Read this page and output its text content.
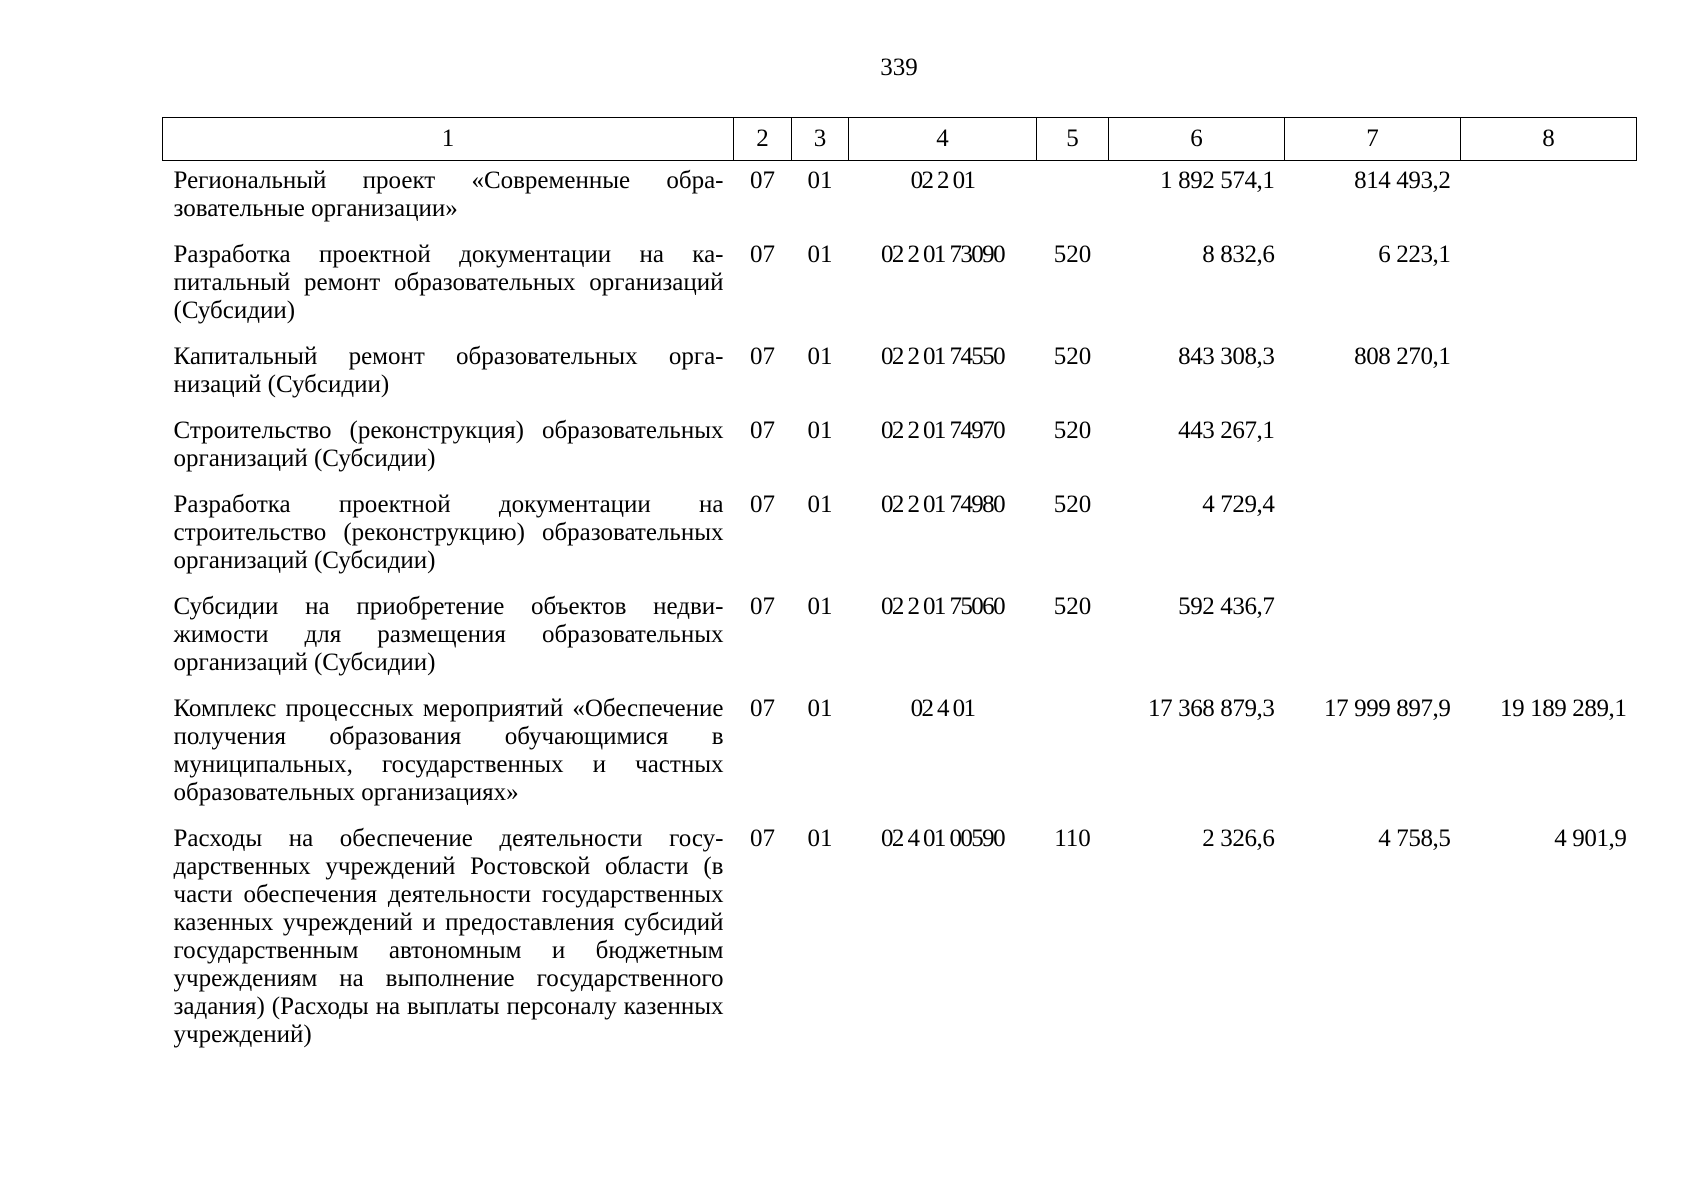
339
1	2	3	4	5	6	7	8
Региональный проект «Современные образовательные организации»	07	01	02 2 01		1 892 574,1	814 493,2	
Разработка проектной документации на капитальный ремонт образовательных организаций (Субсидии)	07	01	02 2 01 73090	520	8 832,6	6 223,1	
Капитальный ремонт образовательных организаций (Субсидии)	07	01	02 2 01 74550	520	843 308,3	808 270,1	
Строительство (реконструкция) образовательных организаций (Субсидии)	07	01	02 2 01 74970	520	443 267,1		
Разработка проектной документации на строительство (реконструкцию) образовательных организаций (Субсидии)	07	01	02 2 01 74980	520	4 729,4		
Субсидии на приобретение объектов недвижимости для размещения образовательных организаций (Субсидии)	07	01	02 2 01 75060	520	592 436,7		
Комплекс процессных мероприятий «Обеспечение получения образования обучающимися в муниципальных, государственных и частных образовательных организациях»	07	01	02 4 01		17 368 879,3	17 999 897,9	19 189 289,1
Расходы на обеспечение деятельности государственных учреждений Ростовской области (в части обеспечения деятельности государственных казенных учреждений и предоставления субсидий государственным автономным и бюджетным учреждениям на выполнение государственного задания) (Расходы на выплаты персоналу казенных учреждений)	07	01	02 4 01 00590	110	2 326,6	4 758,5	4 901,9
